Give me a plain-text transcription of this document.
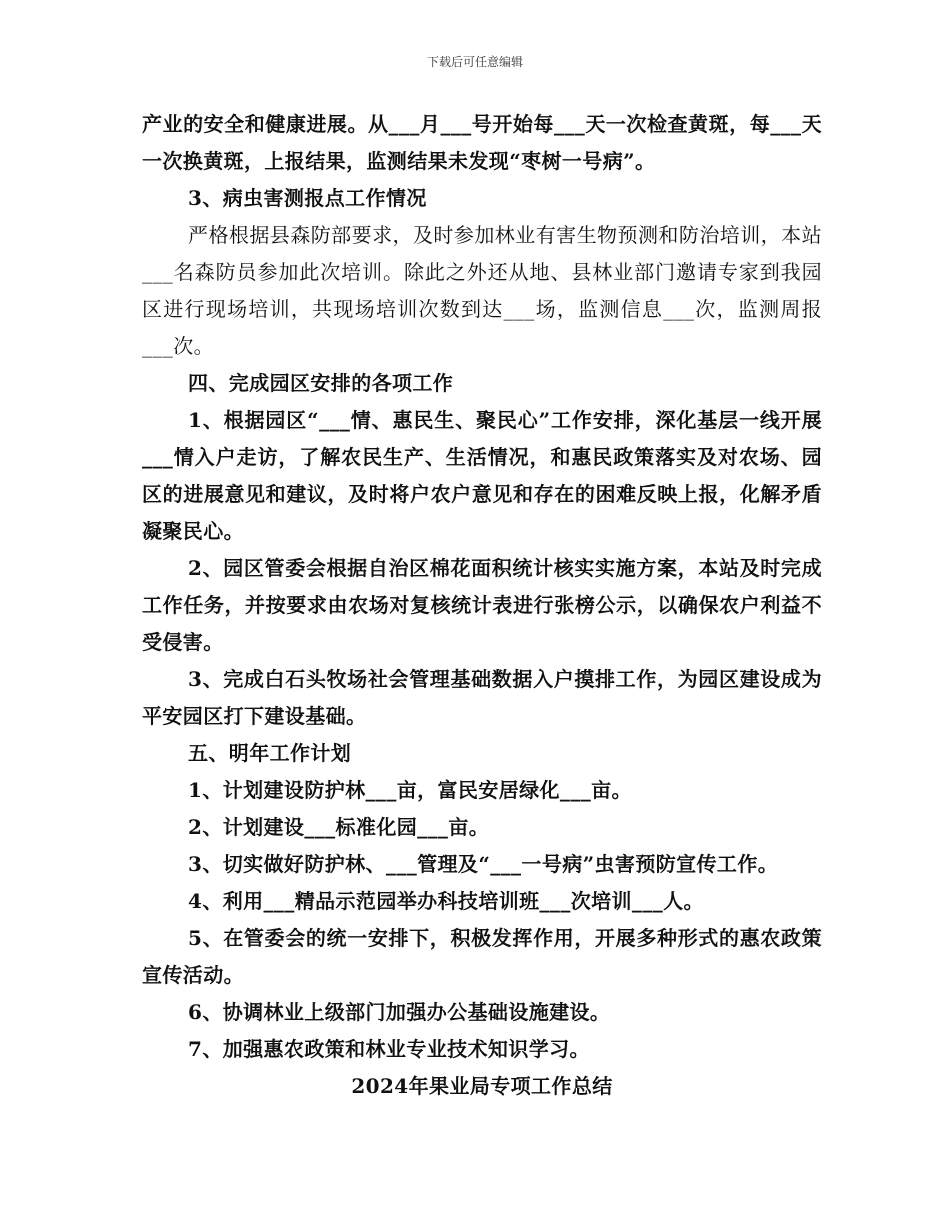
下载后可任意编辑

产业的安全和健康进展。从___月___号开始每___天一次检查黄斑，每___天一次换黄斑，上报结果，监测结果未发现“枣树一号病”。

3、病虫害测报点工作情况

严格根据县森防部要求，及时参加林业有害生物预测和防治培训，本站___名森防员参加此次培训。除此之外还从地、县林业部门邀请专家到我园区进行现场培训，共现场培训次数到达___场，监测信息___次，监测周报___次。

四、完成园区安排的各项工作

1、根据园区“___情、惠民生、聚民心”工作安排，深化基层一线开展___情入户走访，了解农民生产、生活情况，和惠民政策落实及对农场、园区的进展意见和建议，及时将户农户意见和存在的困难反映上报，化解矛盾凝聚民心。

2、园区管委会根据自治区棉花面积统计核实实施方案，本站及时完成工作任务，并按要求由农场对复核统计表进行张榜公示，以确保农户利益不受侵害。

3、完成白石头牧场社会管理基础数据入户摸排工作，为园区建设成为平安园区打下建设基础。

五、明年工作计划

1、计划建设防护林___亩，富民安居绿化___亩。

2、计划建设___标准化园___亩。

3、切实做好防护林、___管理及“___一号病”虫害预防宣传工作。

4、利用___精品示范园举办科技培训班___次培训___人。

5、在管委会的统一安排下，积极发挥作用，开展多种形式的惠农政策宣传活动。

6、协调林业上级部门加强办公基础设施建设。

7、加强惠农政策和林业专业技术知识学习。

2024年果业局专项工作总结
